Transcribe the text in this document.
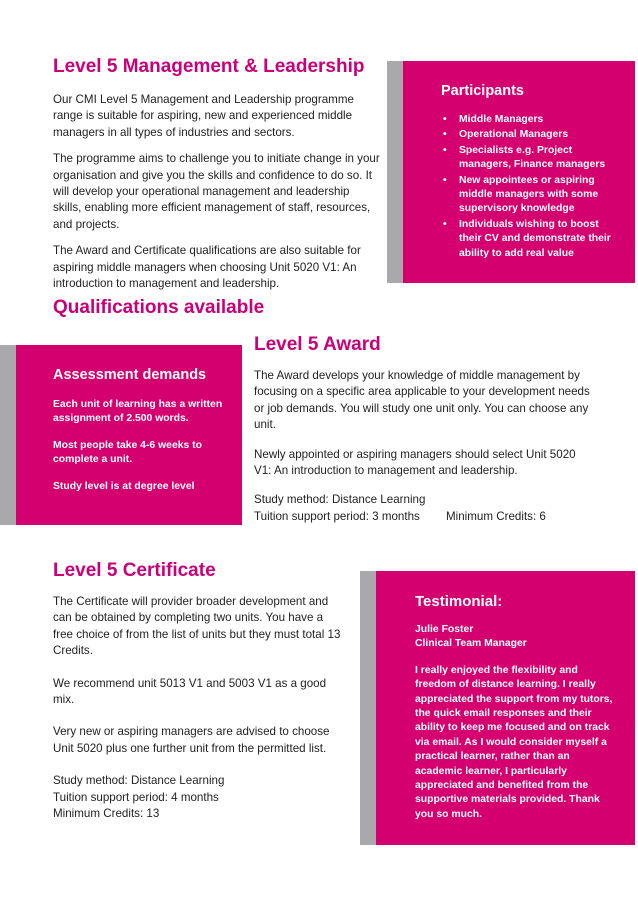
Level 5 Management & Leadership

Our CMI Level 5 Management and Leadership programme range is suitable for aspiring, new and experienced middle managers in all types of industries and sectors.

The programme aims to challenge you to initiate change in your organisation and give you the skills and confidence to do so. It will develop your operational management and leadership skills, enabling more efficient management of staff, resources, and projects.

The Award and Certificate qualifications are also suitable for aspiring middle managers when choosing Unit 5020 V1: An introduction to management and leadership.

Participants
• Middle Managers
• Operational Managers
• Specialists e.g. Project managers, Finance managers
• New appointees or aspiring middle managers with some supervisory knowledge
• Individuals wishing to boost their CV and demonstrate their ability to add real value
Qualifications available
Assessment demands

Each unit of learning has a written assignment of 2.500 words.

Most people take 4-6 weeks to complete a unit.

Study level is at degree level

Level 5 Award

The Award develops your knowledge of middle management by focusing on a specific area applicable to your development needs or job demands. You will study one unit only. You can choose any unit.

Newly appointed or aspiring managers should select Unit 5020 V1: An introduction to management and leadership.

Study method: Distance Learning

Tuition support period: 3 months Minimum Credits: 6
Level 5 Certificate

The Certificate will provider broader development and can be obtained by completing two units. You have a free choice of from the list of units but they must total 13 Credits.

We recommend unit 5013 V1 and 5003 V1 as a good mix.

Very new or aspiring managers are advised to choose Unit 5020 plus one further unit from the permitted list.

Study method: Distance Learning

Tuition support period: 4 months

Minimum Credits: 13

Testimonial:

Julie Foster

Clinical Team Manager

I really enjoyed the flexibility and freedom of distance learning. I really appreciated the support from my tutors, the quick email responses and their ability to keep me focused and on track via email. As I would consider myself a practical learner, rather than an academic learner, I particularly appreciated and benefited from the supportive materials provided. Thank you so much.
